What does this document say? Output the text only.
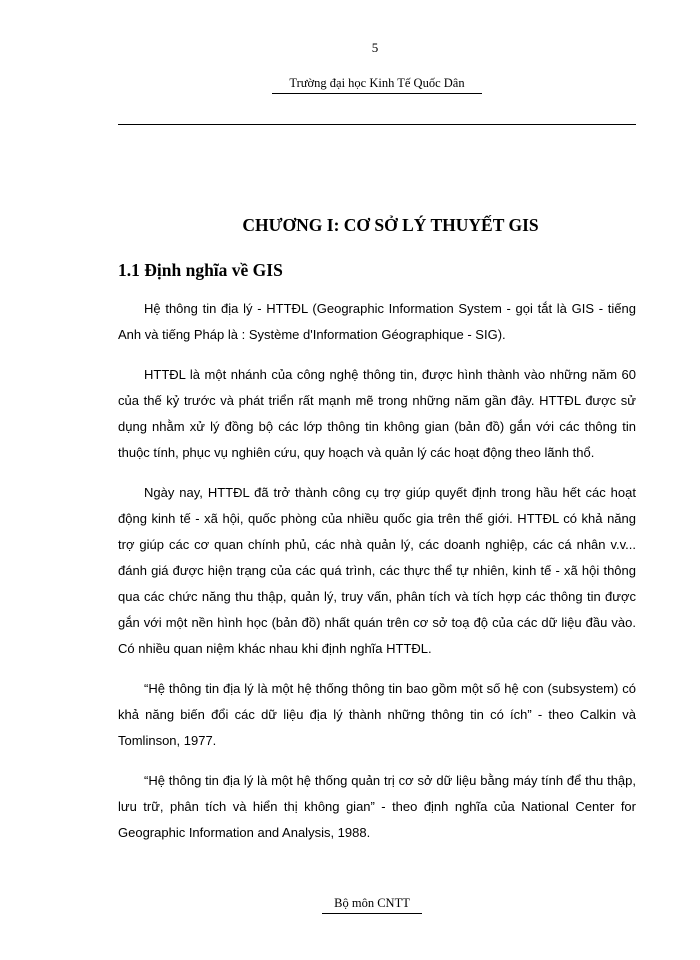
5
Trường đại học Kinh Tế Quốc Dân
CHƯƠNG I: CƠ SỞ LÝ THUYẾT GIS
1.1 Định nghĩa về GIS

Hệ thông tin địa lý - HTTĐL (Geographic Information System - gọi tắt là GIS - tiếng Anh và tiếng Pháp là : Système d'Information Géographique - SIG).

HTTĐL là một nhánh của công nghệ thông tin, được hình thành vào những năm 60 của thế kỷ trước và phát triển rất mạnh mẽ trong những năm gần đây. HTTĐL được sử dụng nhằm xử lý đồng bộ các lớp thông tin không gian (bản đồ) gắn với các thông tin thuộc tính, phục vụ nghiên cứu, quy hoạch và quản lý các hoạt động theo lãnh thổ.

Ngày nay, HTTĐL đã trở thành công cụ trợ giúp quyết định trong hầu hết các hoạt động kinh tế - xã hội, quốc phòng của nhiều quốc gia trên thế giới. HTTĐL có khả năng trợ giúp các cơ quan chính phủ, các nhà quản lý, các doanh nghiệp, các cá nhân v.v... đánh giá được hiện trạng của các quá trình, các thực thể tự nhiên, kinh tế - xã hội thông qua các chức năng thu thập, quản lý, truy vấn, phân tích và tích hợp các thông tin được gắn với một nền hình học (bản đồ) nhất quán trên cơ sở toạ độ của các dữ liệu đầu vào. Có nhiều quan niệm khác nhau khi định nghĩa HTTĐL.

“Hệ thông tin địa lý là một hệ thống thông tin bao gồm một số hệ con (subsystem) có khả năng biến đổi các dữ liệu địa lý thành những thông tin có ích” - theo Calkin và Tomlinson, 1977.

“Hệ thông tin địa lý là một hệ thống quản trị cơ sở dữ liệu bằng máy tính để thu thập, lưu trữ, phân tích và hiển thị không gian” - theo định nghĩa của National Center for Geographic Information and Analysis, 1988.

Bộ môn CNTT
